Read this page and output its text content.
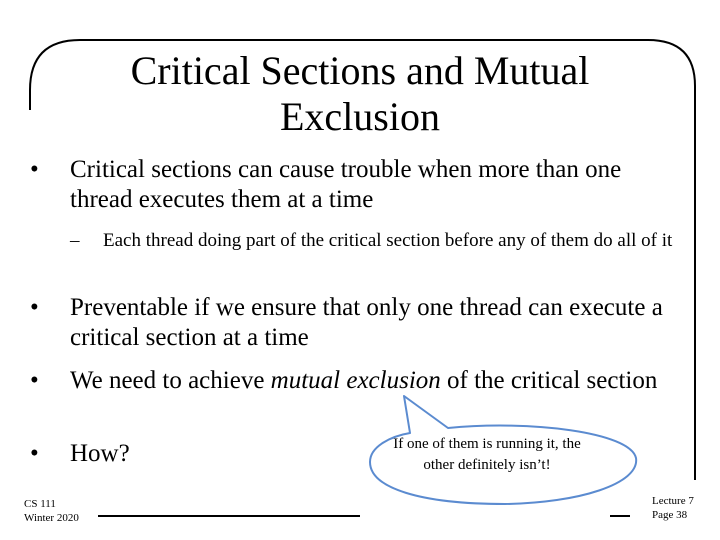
Critical Sections and Mutual Exclusion
• Critical sections can cause trouble when more than one thread executes them at a time
– Each thread doing part of the critical section before any of them do all of it
• Preventable if we ensure that only one thread can execute a critical section at a time
• We need to achieve mutual exclusion of the critical section
• How?	If one of them is running it, the other definitely isn’t!
CS 111
Winter 2020
Lecture 7
Page 38
